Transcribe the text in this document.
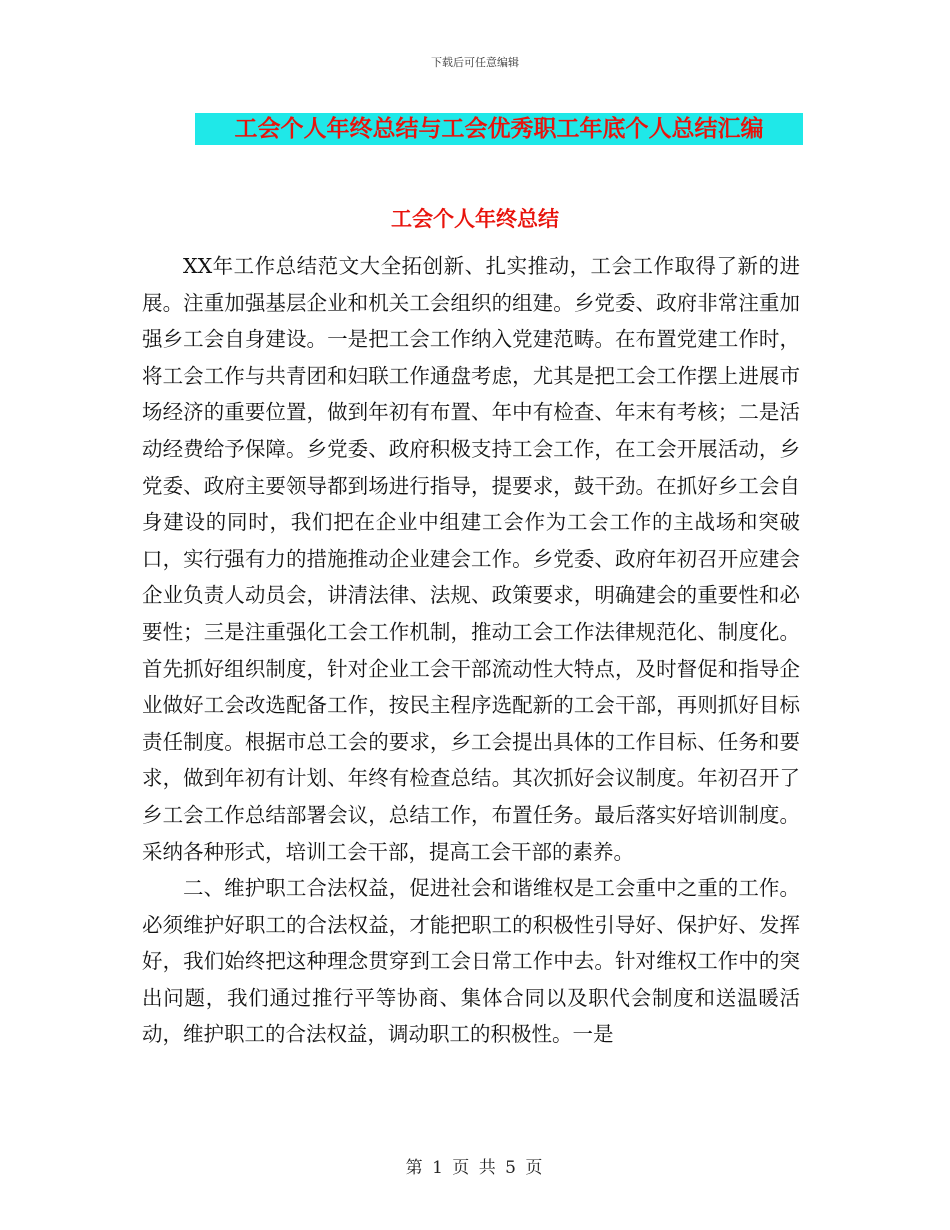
下载后可任意编辑
工会个人年终总结与工会优秀职工年底个人总结汇编
工会个人年终总结

XX年工作总结范文大全拓创新、扎实推动，工会工作取得了新的进展。注重加强基层企业和机关工会组织的组建。乡党委、政府非常注重加强乡工会自身建设。一是把工会工作纳入党建范畴。在布置党建工作时，将工会工作与共青团和妇联工作通盘考虑，尤其是把工会工作摆上进展市场经济的重要位置，做到年初有布置、年中有检查、年末有考核；二是活动经费给予保障。乡党委、政府积极支持工会工作，在工会开展活动，乡党委、政府主要领导都到场进行指导，提要求，鼓干劲。在抓好乡工会自身建设的同时，我们把在企业中组建工会作为工会工作的主战场和突破口，实行强有力的措施推动企业建会工作。乡党委、政府年初召开应建会企业负责人动员会，讲清法律、法规、政策要求，明确建会的重要性和必要性；三是注重强化工会工作机制，推动工会工作法律规范化、制度化。首先抓好组织制度，针对企业工会干部流动性大特点，及时督促和指导企业做好工会改选配备工作，按民主程序选配新的工会干部，再则抓好目标责任制度。根据市总工会的要求，乡工会提出具体的工作目标、任务和要求，做到年初有计划、年终有检查总结。其次抓好会议制度。年初召开了乡工会工作总结部署会议，总结工作，布置任务。最后落实好培训制度。采纳各种形式，培训工会干部，提高工会干部的素养。

二、维护职工合法权益，促进社会和谐维权是工会重中之重的工作。必须维护好职工的合法权益，才能把职工的积极性引导好、保护好、发挥好，我们始终把这种理念贯穿到工会日常工作中去。针对维权工作中的突出问题，我们通过推行平等协商、集体合同以及职代会制度和送温暖活动，维护职工的合法权益，调动职工的积极性。一是

第 1 页 共 5 页
